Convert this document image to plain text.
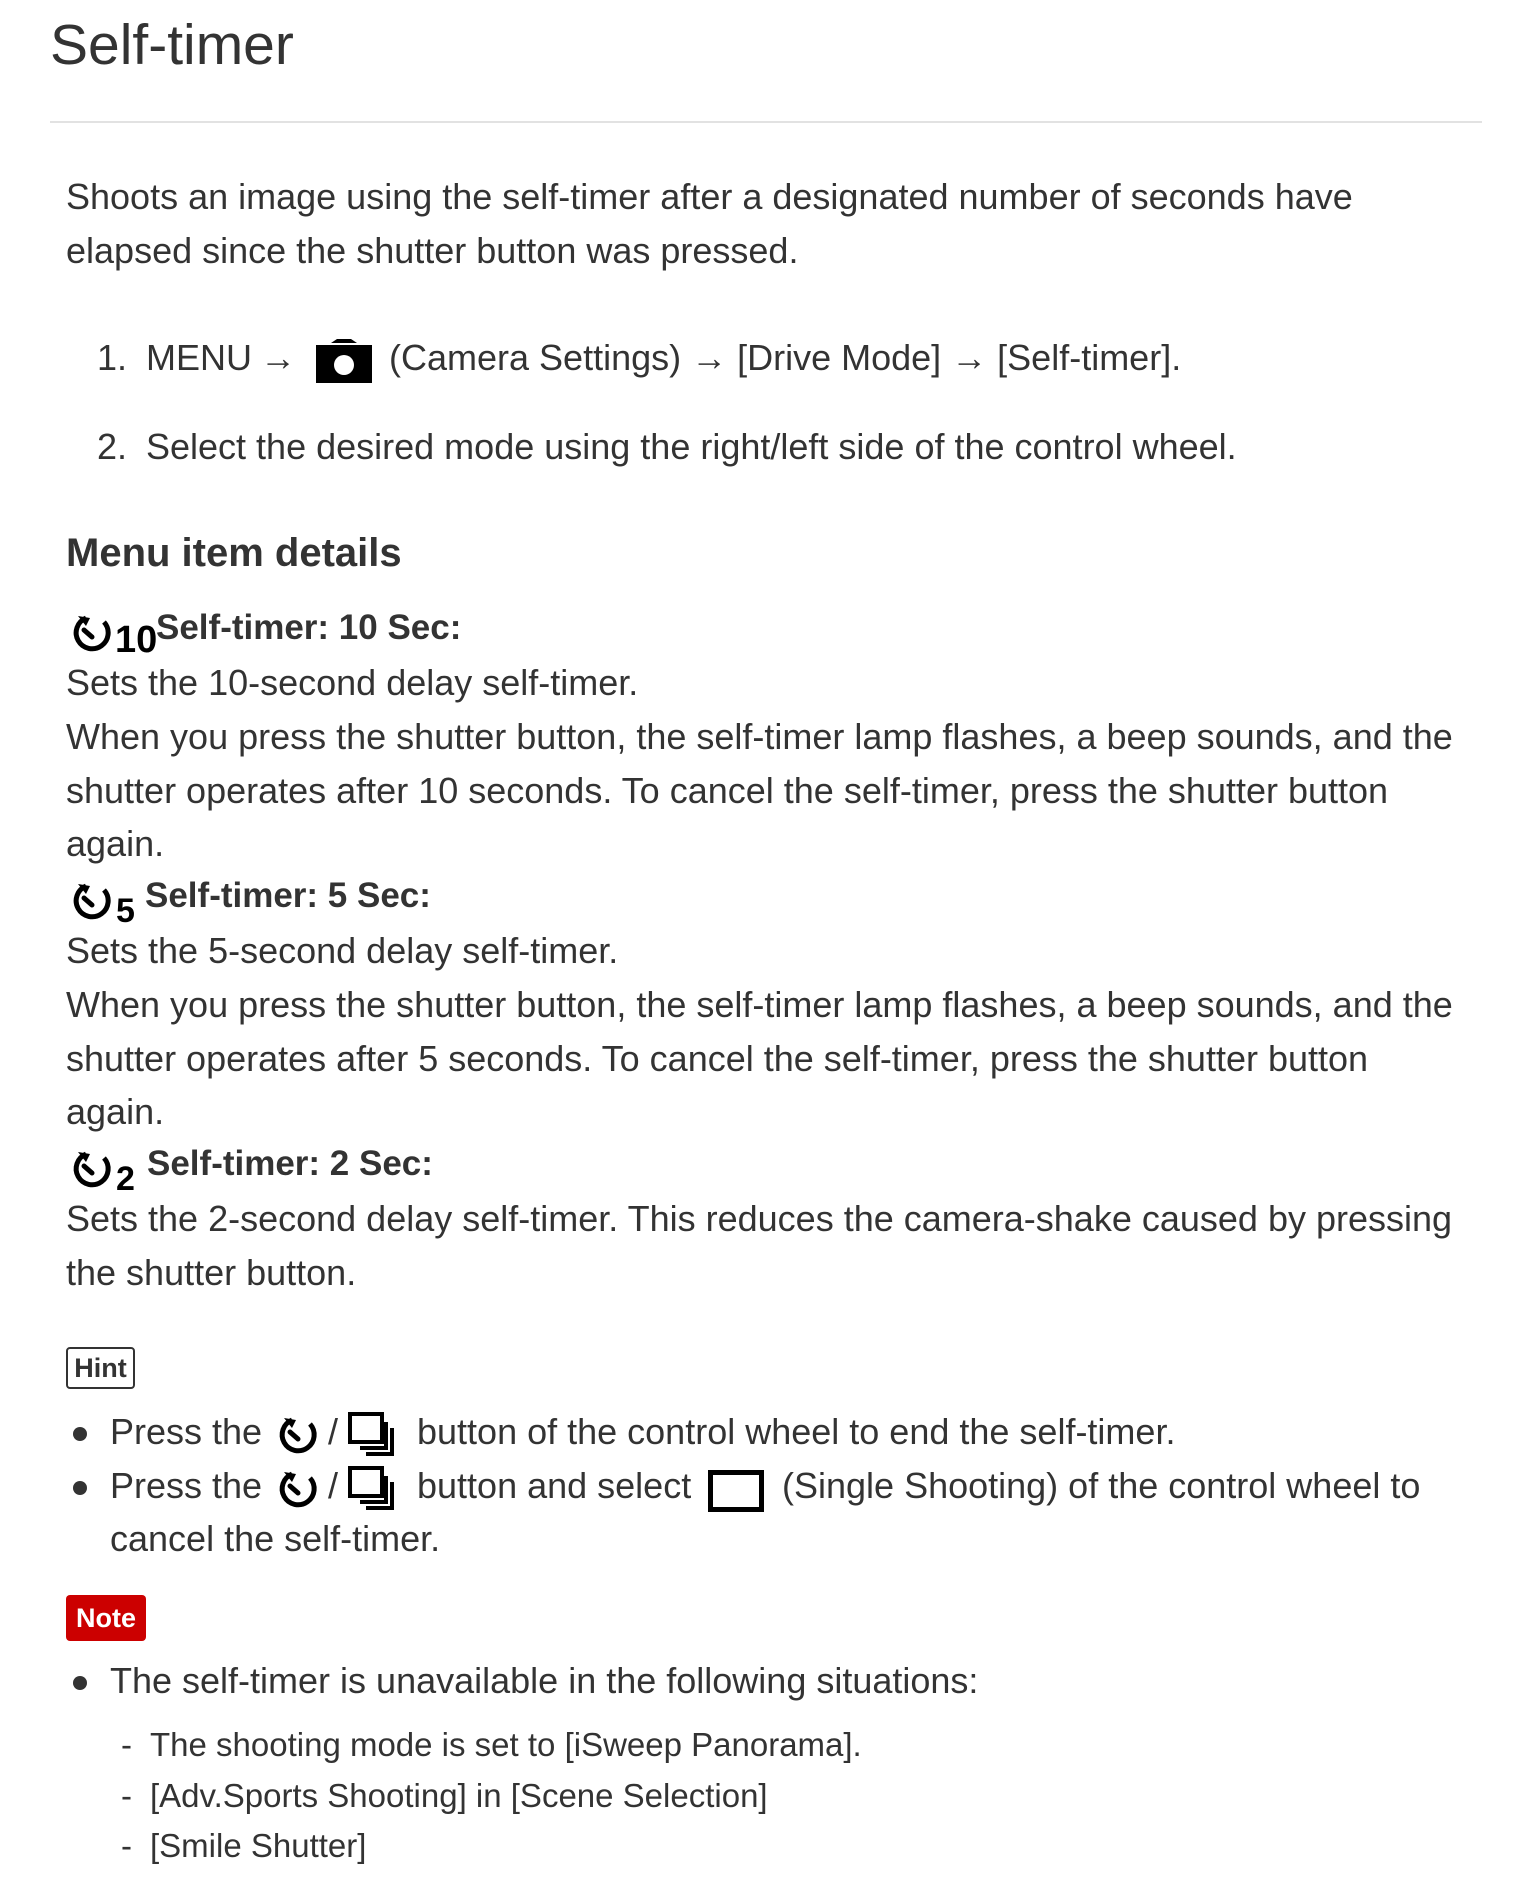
Self-timer
Shoots an image using the self-timer after a designated number of seconds have
elapsed since the shutter button was pressed.
1. MENU →	(Camera Settings) → [Drive Mode] → [Self-timer].
2. Select the desired mode using the right/left side of the control wheel.
Menu item details
10
Self-timer: 10 Sec:
Sets the 10-second delay self-timer.
When you press the shutter button, the self-timer lamp flashes, a beep sounds, and the
shutter operates after 10 seconds. To cancel the self-timer, press the shutter button
again.
5 Self-timer: 5 Sec:
Sets the 5-second delay self-timer.
When you press the shutter button, the self-timer lamp flashes, a beep sounds, and the
shutter operates after 5 seconds. To cancel the self-timer, press the shutter button
again.
2 Self-timer: 2 Sec:
Sets the 2-second delay self-timer. This reduces the camera-shake caused by pressing
the shutter button.
Hint
Press the / button of the control wheel to end the self-timer.
Press the / button and select	(Single Shooting) of the control wheel to
cancel the self-timer.
Note
The self-timer is unavailable in the following situations:
- The shooting mode is set to [iSweep Panorama].
- [Adv.Sports Shooting] in [Scene Selection]
- [Smile Shutter]
